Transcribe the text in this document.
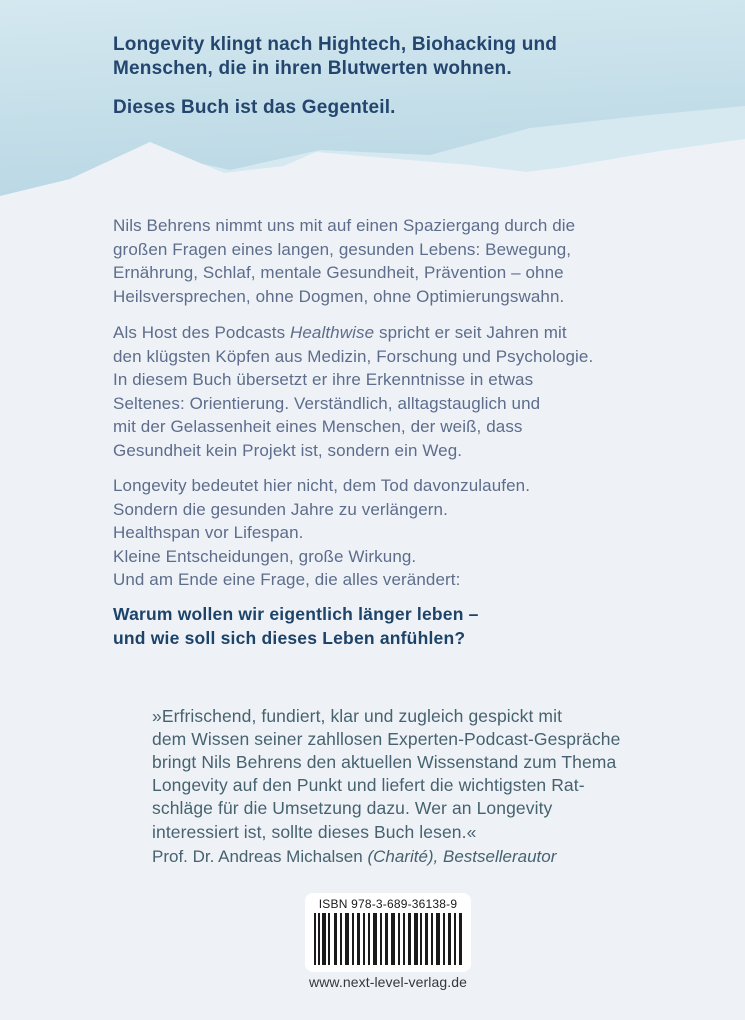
Longevity klingt nach Hightech, Biohacking und
Menschen, die in ihren Blutwerten wohnen.
Dieses Buch ist das Gegenteil.

Nils Behrens nimmt uns mit auf einen Spaziergang durch die
großen Fragen eines langen, gesunden Lebens: Bewegung,
Ernährung, Schlaf, mentale Gesundheit, Prävention – ohne
Heilsversprechen, ohne Dogmen, ohne Optimierungswahn.

Als Host des Podcasts Healthwise spricht er seit Jahren mit
den klügsten Köpfen aus Medizin, Forschung und Psychologie.
In diesem Buch übersetzt er ihre Erkenntnisse in etwas
Seltenes: Orientierung. Verständlich, alltagstauglich und
mit der Gelassenheit eines Menschen, der weiß, dass
Gesundheit kein Projekt ist, sondern ein Weg.

Longevity bedeutet hier nicht, dem Tod davonzulaufen.
Sondern die gesunden Jahre zu verlängern.
Healthspan vor Lifespan.
Kleine Entscheidungen, große Wirkung.
Und am Ende eine Frage, die alles verändert:

Warum wollen wir eigentlich länger leben –
und wie soll sich dieses Leben anfühlen?

»Erfrischend, fundiert, klar und zugleich gespickt mit
dem Wissen seiner zahllosen Experten-Podcast-Gespräche
bringt Nils Behrens den aktuellen Wissenstand zum Thema
Longevity auf den Punkt und liefert die wichtigsten Rat-
schläge für die Umsetzung dazu. Wer an Longevity
interessiert ist, sollte dieses Buch lesen.«

Prof. Dr. Andreas Michalsen (Charité), Bestsellerautor

ISBN 978-3-689-36138-9
www.next-level-verlag.de
